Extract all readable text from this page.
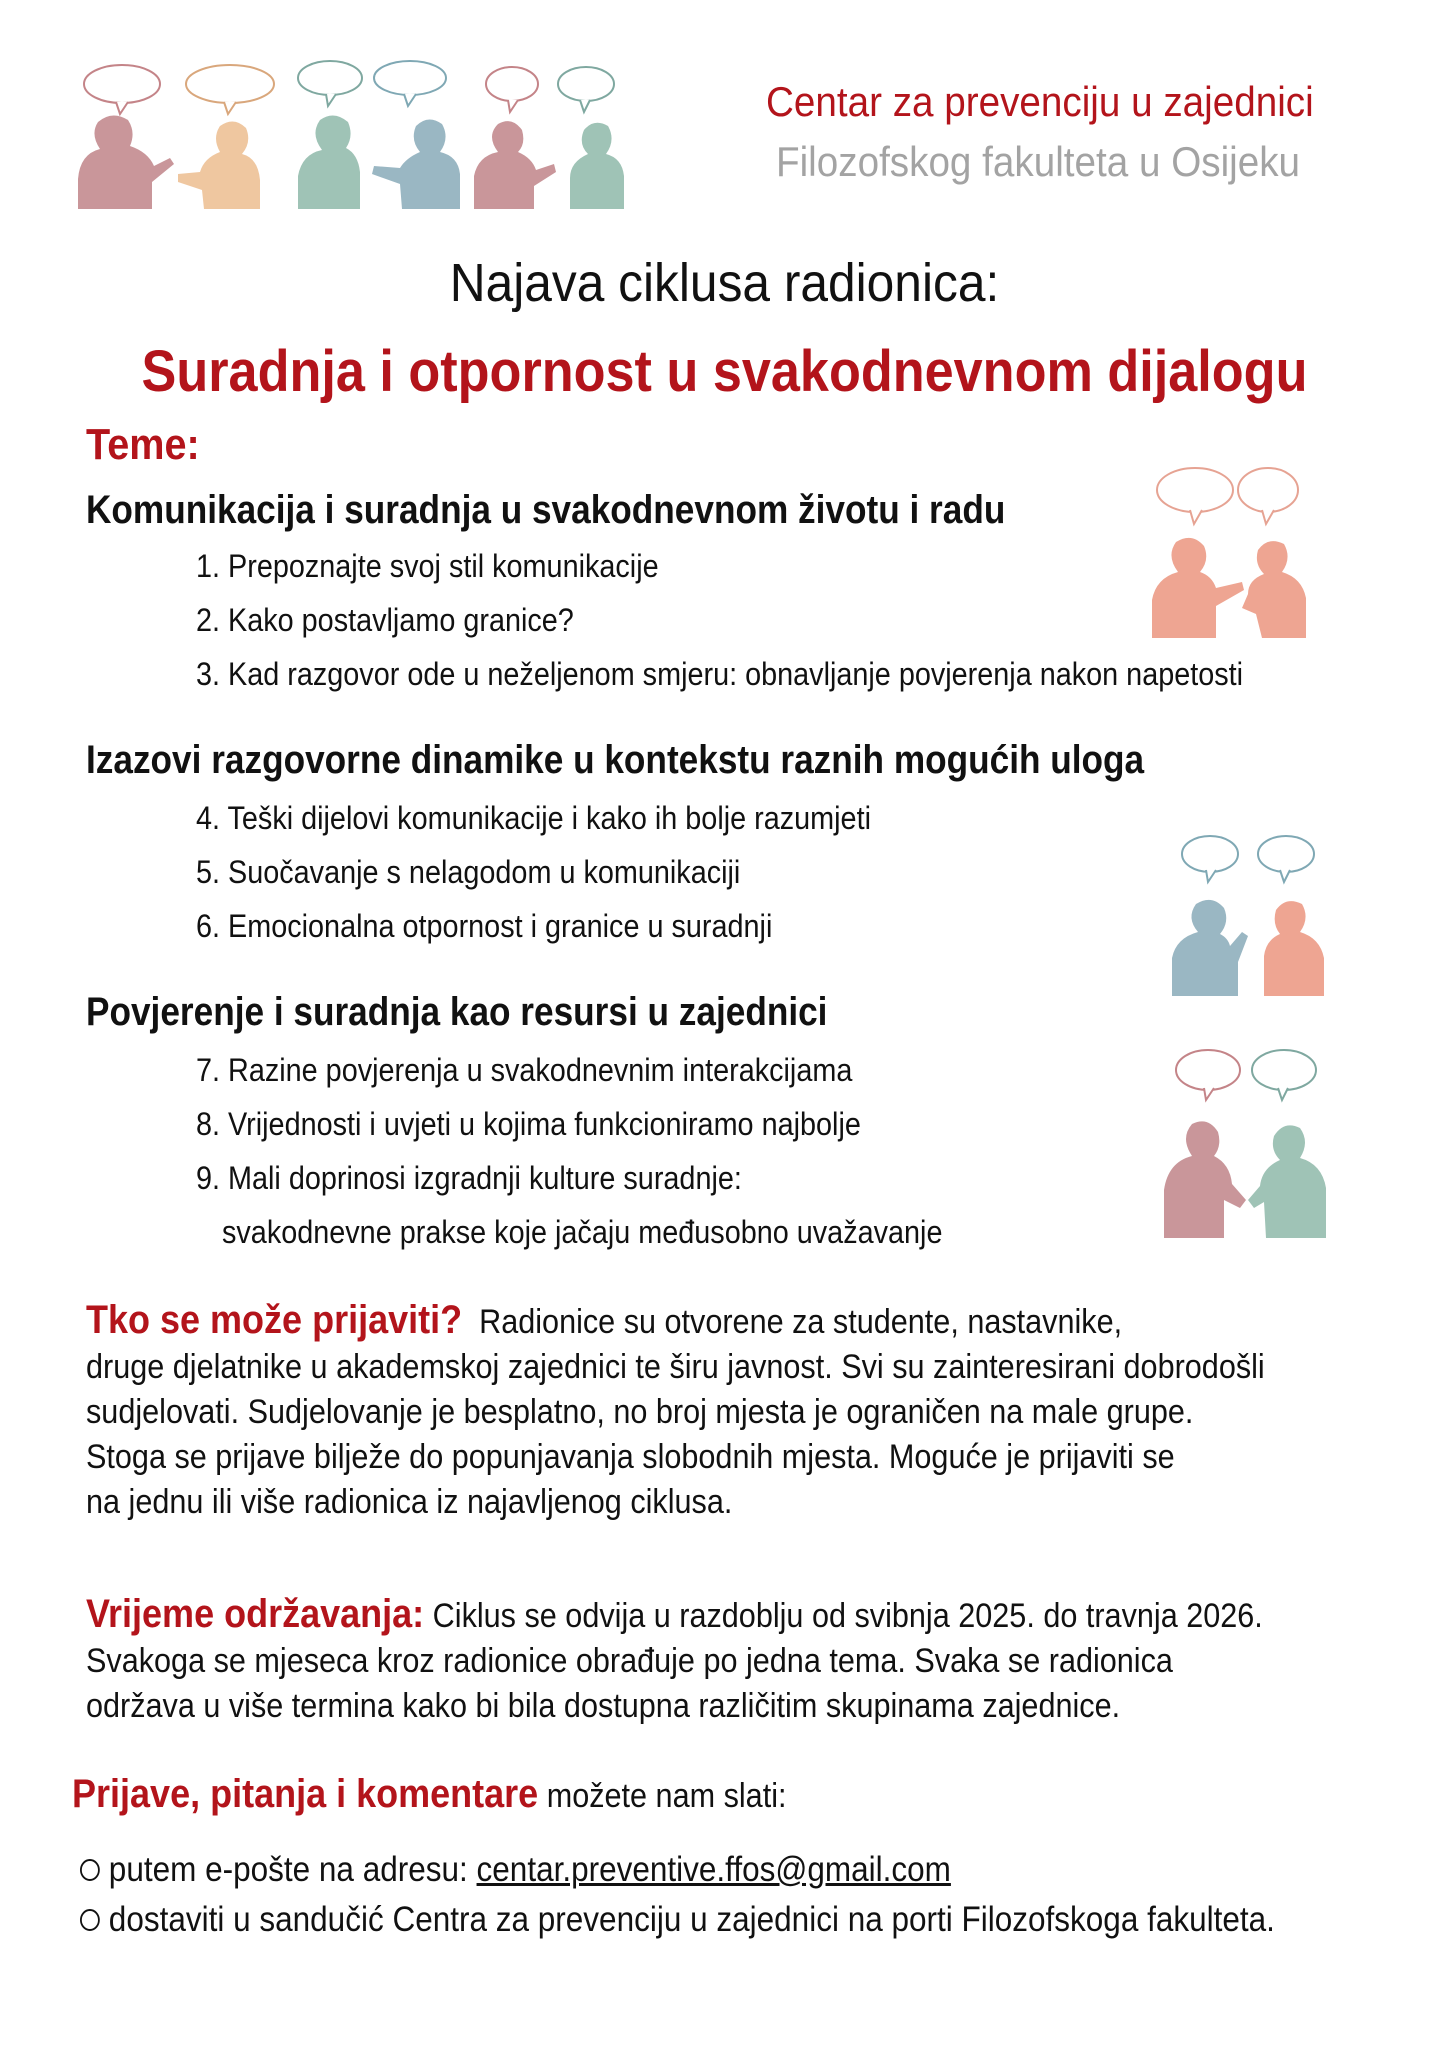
Centar za prevenciju u zajednici
Filozofskog fakulteta u Osijeku
Najava ciklusa radionica:
Suradnja i otpornost u svakodnevnom dijalogu
Teme:
Komunikacija i suradnja u svakodnevnom životu i radu
1. Prepoznajte svoj stil komunikacije
2. Kako postavljamo granice?
3. Kad razgovor ode u neželjenom smjeru: obnavljanje povjerenja nakon napetosti
Izazovi razgovorne dinamike u kontekstu raznih mogućih uloga
4. Teški dijelovi komunikacije i kako ih bolje razumjeti
5. Suočavanje s nelagodom u komunikaciji
6. Emocionalna otpornost i granice u suradnji
Povjerenje i suradnja kao resursi u zajednici
7. Razine povjerenja u svakodnevnim interakcijama
8. Vrijednosti i uvjeti u kojima funkcioniramo najbolje
9. Mali doprinosi izgradnji kulture suradnje:
svakodnevne prakse koje jačaju međusobno uvažavanje
Tko se može prijaviti? Radionice su otvorene za studente, nastavnike,
druge djelatnike u akademskoj zajednici te širu javnost. Svi su zainteresirani dobrodošli
sudjelovati. Sudjelovanje je besplatno, no broj mjesta je ograničen na male grupe.
Stoga se prijave bilježe do popunjavanja slobodnih mjesta. Moguće je prijaviti se
na jednu ili više radionica iz najavljenog ciklusa.
Vrijeme održavanja: Ciklus se odvija u razdoblju od svibnja 2025. do travnja 2026.
Svakoga se mjeseca kroz radionice obrađuje po jedna tema. Svaka se radionica
održava u više termina kako bi bila dostupna različitim skupinama zajednice.
Prijave, pitanja i komentare možete nam slati:
putem e-pošte na adresu: centar.preventive.ffos@gmail.com
dostaviti u sandučić Centra za prevenciju u zajednici na porti Filozofskoga fakulteta.
